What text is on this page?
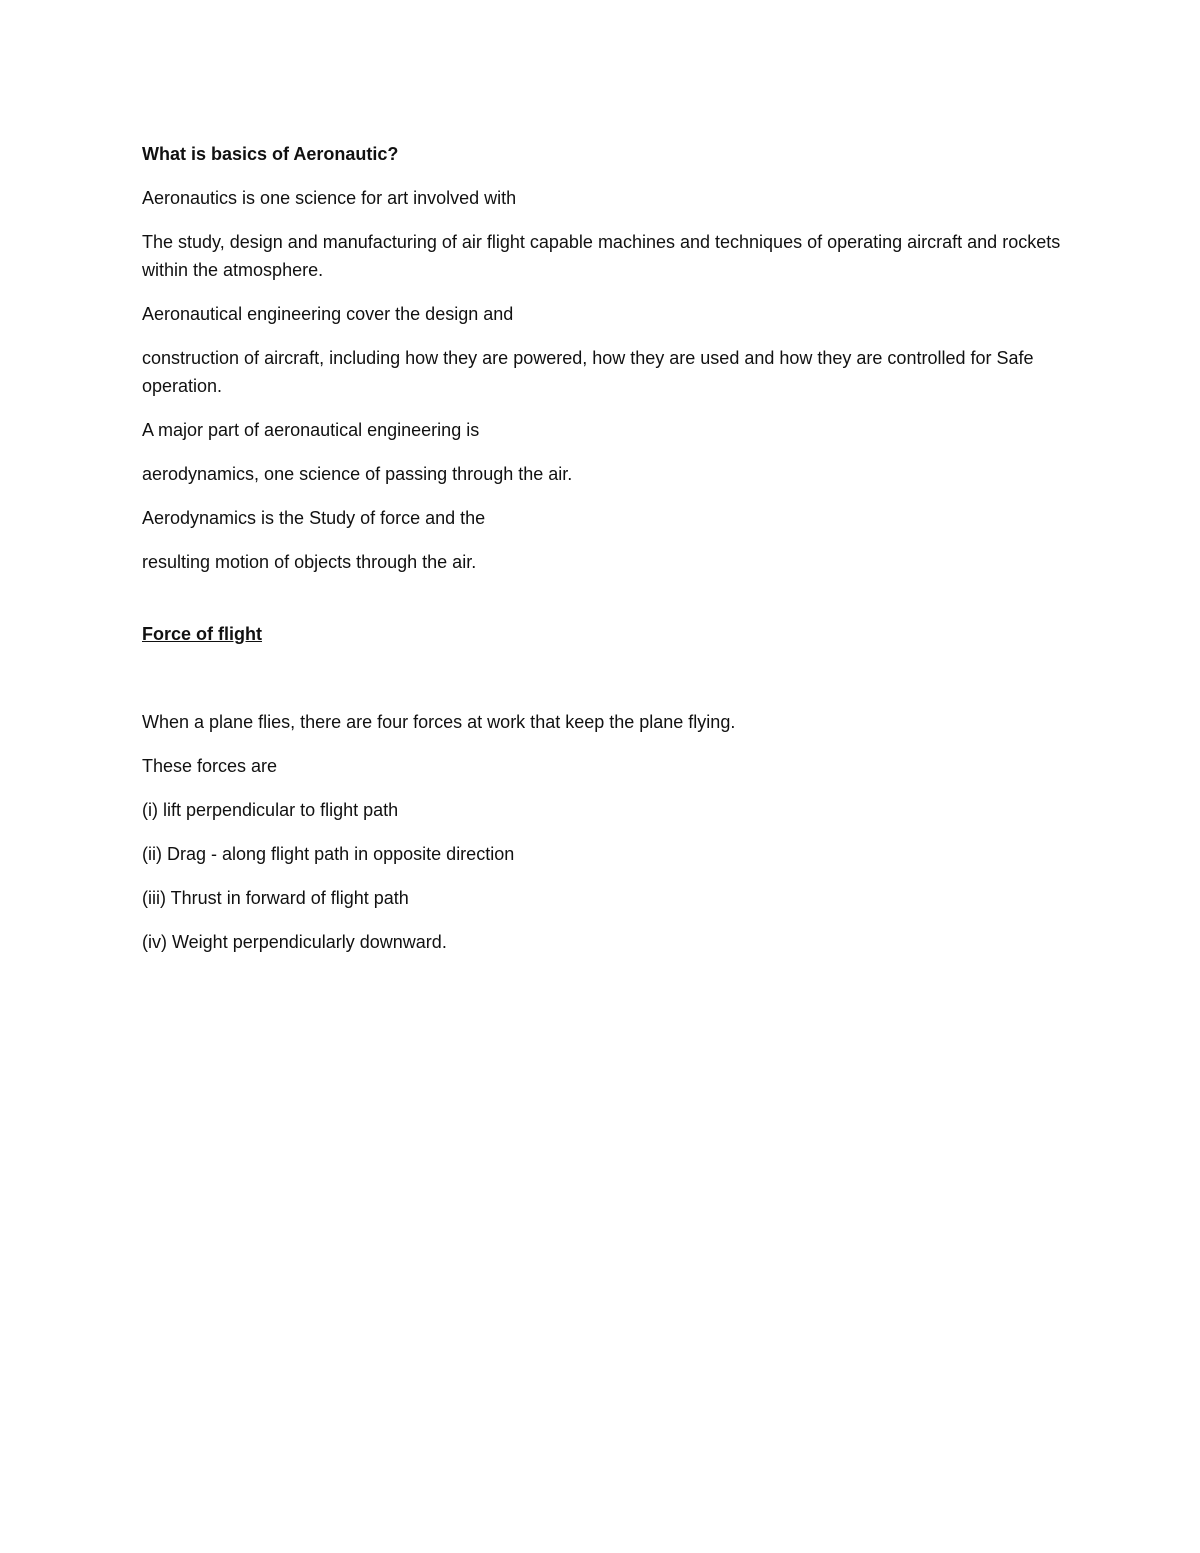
What is basics of Aeronautic?

Aeronautics is one science for art involved with

The study, design and manufacturing of air flight capable machines and techniques of operating aircraft and rockets within the atmosphere.

Aeronautical engineering cover the design and

construction of aircraft, including how they are powered, how they are used and how they are controlled for Safe operation.

A major part of aeronautical engineering is

aerodynamics, one science of passing through the air.

Aerodynamics is the Study of force and the

resulting motion of objects through the air.

Force of flight

When a plane flies, there are four forces at work that keep the plane flying.

These forces are

(i) lift perpendicular to flight path

(ii) Drag - along flight path in opposite direction

(iii) Thrust in forward of flight path

(iv) Weight perpendicularly downward.
